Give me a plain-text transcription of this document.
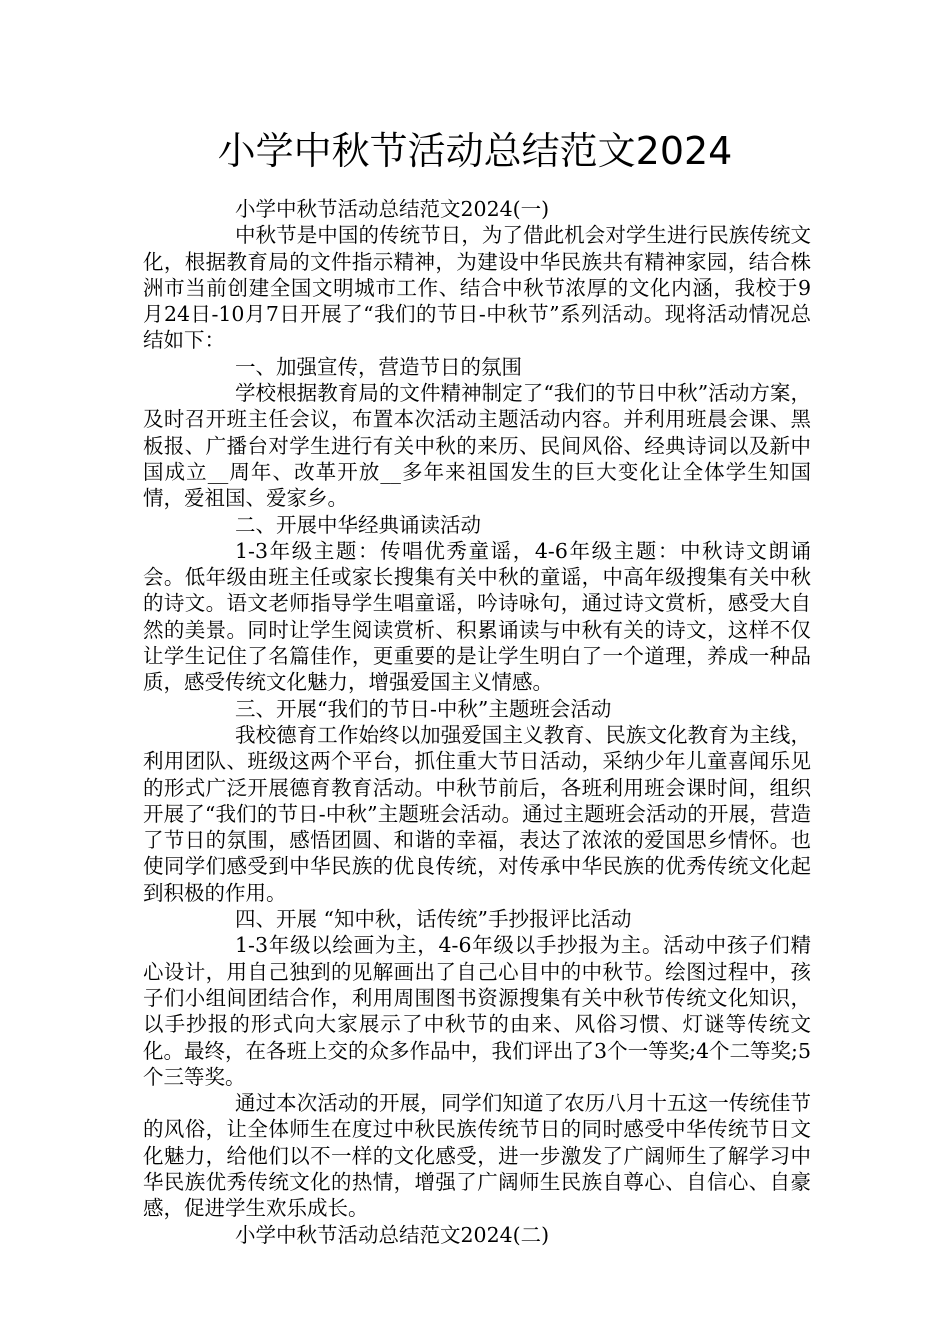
小学中秋节活动总结范文2024

小学中秋节活动总结范文2024(一)

中秋节是中国的传统节日，为了借此机会对学生进行民族传统文化，根据教育局的文件指示精神，为建设中华民族共有精神家园，结合株洲市当前创建全国文明城市工作、结合中秋节浓厚的文化内涵，我校于9月24日-10月7日开展了“我们的节日-中秋节”系列活动。现将活动情况总结如下：

一、加强宣传，营造节日的氛围

学校根据教育局的文件精神制定了“我们的节日中秋”活动方案，及时召开班主任会议，布置本次活动主题活动内容。并利用班晨会课、黑板报、广播台对学生进行有关中秋的来历、民间风俗、经典诗词以及新中国成立__周年、改革开放__多年来祖国发生的巨大变化让全体学生知国情，爱祖国、爱家乡。

二、开展中华经典诵读活动

1-3年级主题：传唱优秀童谣，4-6年级主题：中秋诗文朗诵会。低年级由班主任或家长搜集有关中秋的童谣，中高年级搜集有关中秋的诗文。语文老师指导学生唱童谣，吟诗咏句，通过诗文赏析，感受大自然的美景。同时让学生阅读赏析、积累诵读与中秋有关的诗文，这样不仅让学生记住了名篇佳作，更重要的是让学生明白了一个道理，养成一种品质，感受传统文化魅力，增强爱国主义情感。

三、开展“我们的节日-中秋”主题班会活动

我校德育工作始终以加强爱国主义教育、民族文化教育为主线，利用团队、班级这两个平台，抓住重大节日活动，采纳少年儿童喜闻乐见的形式广泛开展德育教育活动。中秋节前后，各班利用班会课时间，组织开展了“我们的节日-中秋”主题班会活动。通过主题班会活动的开展，营造了节日的氛围，感悟团圆、和谐的幸福，表达了浓浓的爱国思乡情怀。也使同学们感受到中华民族的优良传统，对传承中华民族的优秀传统文化起到积极的作用。

四、开展 “知中秋，话传统”手抄报评比活动

1-3年级以绘画为主，4-6年级以手抄报为主。活动中孩子们精心设计，用自己独到的见解画出了自己心目中的中秋节。绘图过程中，孩子们小组间团结合作，利用周围图书资源搜集有关中秋节传统文化知识，以手抄报的形式向大家展示了中秋节的由来、风俗习惯、灯谜等传统文化。最终，在各班上交的众多作品中，我们评出了3个一等奖;4个二等奖;5个三等奖。

通过本次活动的开展，同学们知道了农历八月十五这一传统佳节的风俗，让全体师生在度过中秋民族传统节日的同时感受中华传统节日文化魅力，给他们以不一样的文化感受，进一步激发了广阔师生了解学习中华民族优秀传统文化的热情，增强了广阔师生民族自尊心、自信心、自豪感，促进学生欢乐成长。

小学中秋节活动总结范文2024(二)
